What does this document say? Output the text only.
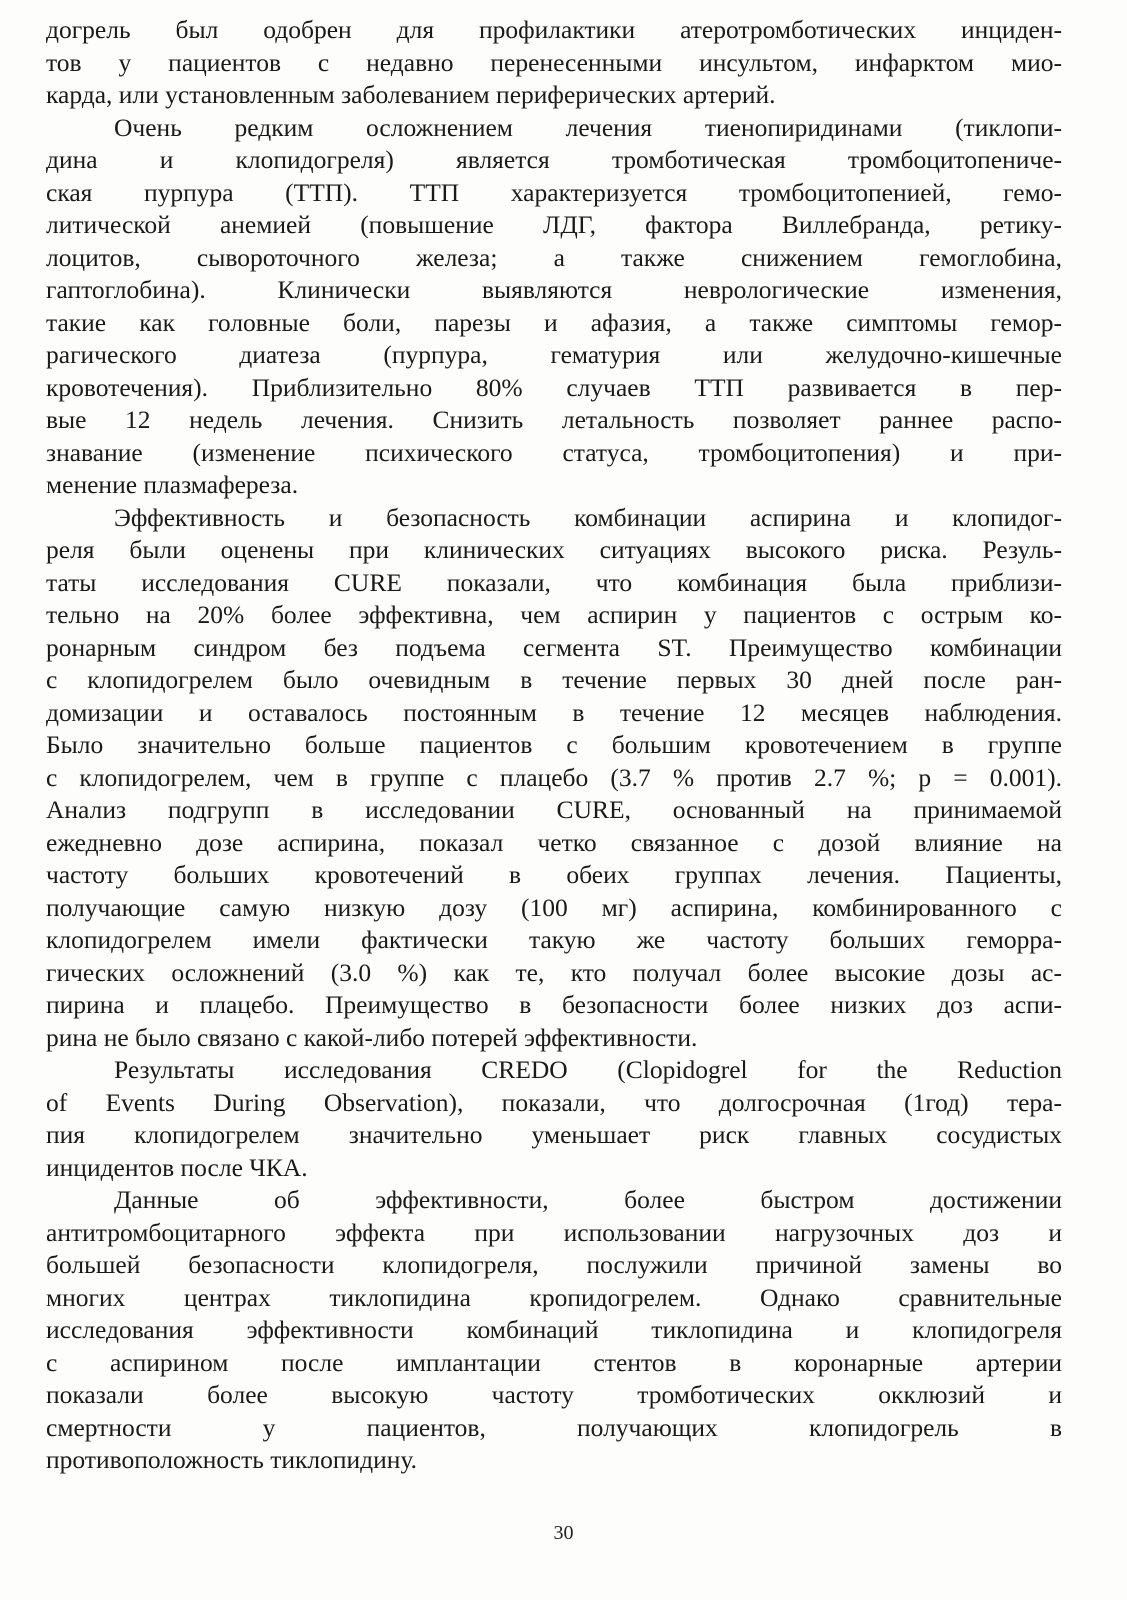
догрель был одобрен для профилактики атеротромботических инциден-
тов у пациентов с недавно перенесенными инсультом, инфарктом мио-
карда, или установленным заболеванием периферических артерий.
Очень редким осложнением лечения тиенопиридинами (тиклопи-
дина и клопидогреля) является тромботическая тромбоцитопениче-
ская пурпура (ТТП). ТТП характеризуется тромбоцитопенией, гемо-
литической анемией (повышение ЛДГ, фактора Виллебранда, ретику-
лоцитов, сывороточного железа; а также снижением гемоглобина,
гаптоглобина). Клинически выявляются неврологические изменения,
такие как головные боли, парезы и афазия, а также симптомы гемор-
рагического диатеза (пурпура, гематурия или желудочно-кишечные
кровотечения). Приблизительно 80% случаев ТТП развивается в пер-
вые 12 недель лечения. Снизить летальность позволяет раннее распо-
знавание (изменение психического статуса, тромбоцитопения) и при-
менение плазмафереза.
Эффективность и безопасность комбинации аспирина и клопидог-
реля были оценены при клинических ситуациях высокого риска. Резуль-
таты исследования CURE показали, что комбинация была приблизи-
тельно на 20% более эффективна, чем аспирин у пациентов с острым ко-
ронарным синдром без подъема сегмента ST. Преимущество комбинации
с клопидогрелем было очевидным в течение первых 30 дней после ран-
домизации и оставалось постоянным в течение 12 месяцев наблюдения.
Было значительно больше пациентов с большим кровотечением в группе
с клопидогрелем, чем в группе с плацебо (3.7 % против 2.7 %; р = 0.001).
Анализ подгрупп в исследовании CURE, основанный на принимаемой
ежедневно дозе аспирина, показал четко связанное с дозой влияние на
частоту больших кровотечений в обеих группах лечения. Пациенты,
получающие самую низкую дозу (100 мг) аспирина, комбинированного с
клопидогрелем имели фактически такую же частоту больших геморра-
гических осложнений (3.0 %) как те, кто получал более высокие дозы ас-
пирина и плацебо. Преимущество в безопасности более низких доз аспи-
рина не было связано с какой-либо потерей эффективности.
Результаты исследования CREDO (Clopidogrel for the Reduction
of Events During Observation), показали, что долгосрочная (1год) тера-
пия клопидогрелем значительно уменьшает риск главных сосудистых
инцидентов после ЧКА.
Данные об эффективности, более быстром достижении
антитромбоцитарного эффекта при использовании нагрузочных доз и
большей безопасности клопидогреля, послужили причиной замены во
многих центрах тиклопидина кропидогрелем. Однако сравнительные
исследования эффективности комбинаций тиклопидина и клопидогреля
с аспирином после имплантации стентов в коронарные артерии
показали более высокую частоту тромботических окклюзий и
смертности у пациентов, получающих клопидогрель в
противоположность тиклопидину.
30
